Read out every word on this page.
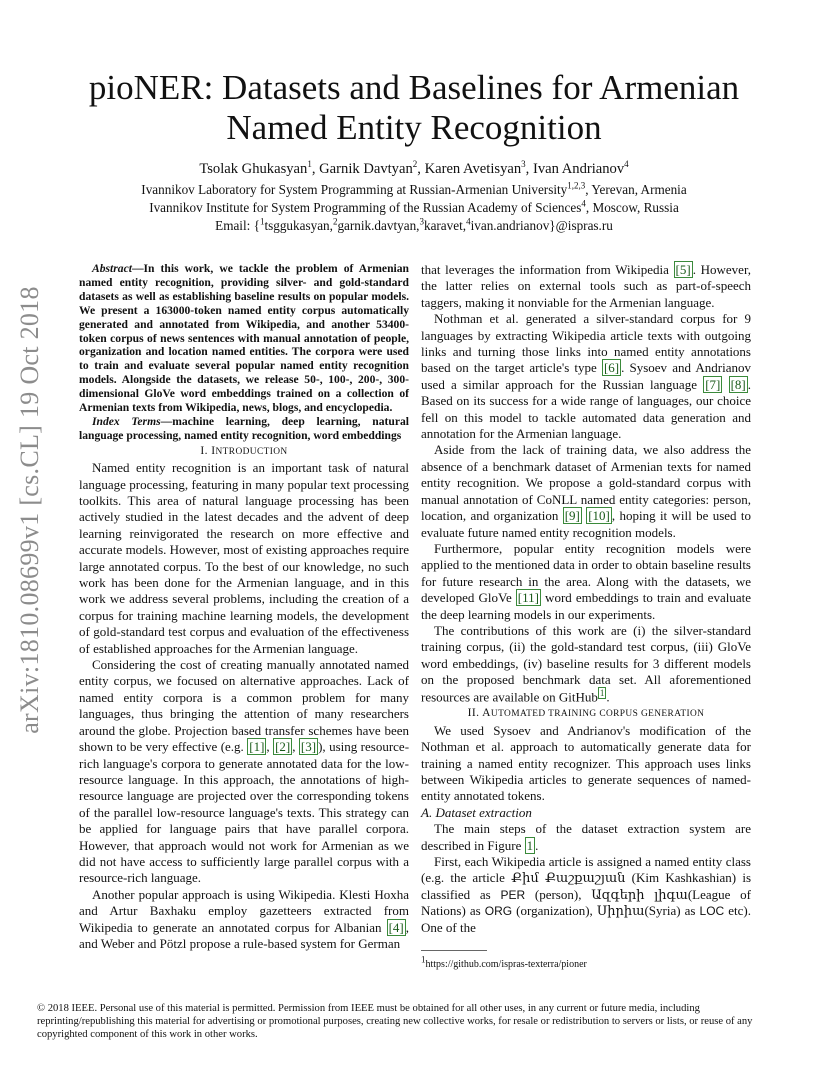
arXiv:1810.08699v1 [cs.CL] 19 Oct 2018
pioNER: Datasets and Baselines for Armenian
Named Entity Recognition
Tsolak Ghukasyan$^1$, Garnik Davtyan$^2$, Karen Avetisyan$^3$, Ivan Andrianov$^4$
Ivannikov Laboratory for System Programming at Russian-Armenian University$^{1,2,3}$, Yerevan, Armenia
Ivannikov Institute for System Programming of the Russian Academy of Sciences$^4$, Moscow, Russia
Email: {$^1$tsggukasyan,$^2$garnik.davtyan,$^3$karavet,$^4$ivan.andrianov}@ispras.ru

Abstract—In this work, we tackle the problem of Armenian named entity recognition, providing silver- and gold-standard datasets as well as establishing baseline results on popular models. We present a 163000-token named entity corpus automatically generated and annotated from Wikipedia, and another 53400-token corpus of news sentences with manual annotation of people, organization and location named entities. The corpora were used to train and evaluate several popular named entity recognition models. Alongside the datasets, we release 50-, 100-, 200-, 300-dimensional GloVe word embeddings trained on a collection of Armenian texts from Wikipedia, news, blogs, and encyclopedia.

Index Terms—machine learning, deep learning, natural language processing, named entity recognition, word embeddings

I. INTRODUCTION

Named entity recognition is an important task of natural language processing, featuring in many popular text processing toolkits. This area of natural language processing has been actively studied in the latest decades and the advent of deep learning reinvigorated the research on more effective and accurate models. However, most of existing approaches require large annotated corpus. To the best of our knowledge, no such work has been done for the Armenian language, and in this work we address several problems, including the creation of a corpus for training machine learning models, the development of gold-standard test corpus and evaluation of the effectiveness of established approaches for the Armenian language.

Considering the cost of creating manually annotated named entity corpus, we focused on alternative approaches. Lack of named entity corpora is a common problem for many languages, thus bringing the attention of many researchers around the globe. Projection based transfer schemes have been shown to be very effective (e.g. [1] , [2] , [3] ), using resource-rich language's corpora to generate annotated data for the low-resource language. In this approach, the annotations of high-resource language are projected over the corresponding tokens of the parallel low-resource language's texts. This strategy can be applied for language pairs that have parallel corpora. However, that approach would not work for Armenian as we did not have access to sufficiently large parallel corpus with a resource-rich language.

Another popular approach is using Wikipedia. Klesti Hoxha and Artur Baxhaku employ gazetteers extracted from Wikipedia to generate an annotated corpus for Albanian [4] , and Weber and Pötzl propose a rule-based system for German

that leverages the information from Wikipedia [5] . However, the latter relies on external tools such as part-of-speech taggers, making it nonviable for the Armenian language.

Nothman et al. generated a silver-standard corpus for 9 languages by extracting Wikipedia article texts with outgoing links and turning those links into named entity annotations based on the target article's type [6] . Sysoev and Andrianov used a similar approach for the Russian language [7] [8] . Based on its success for a wide range of languages, our choice fell on this model to tackle automated data generation and annotation for the Armenian language.

Aside from the lack of training data, we also address the absence of a benchmark dataset of Armenian texts for named entity recognition. We propose a gold-standard corpus with manual annotation of CoNLL named entity categories: person, location, and organization [9] [10] , hoping it will be used to evaluate future named entity recognition models.

Furthermore, popular entity recognition models were applied to the mentioned data in order to obtain baseline results for future research in the area. Along with the datasets, we developed GloVe [11] word embeddings to train and evaluate the deep learning models in our experiments.

The contributions of this work are (i) the silver-standard training corpus, (ii) the gold-standard test corpus, (iii) GloVe word embeddings, (iv) baseline results for 3 different models on the proposed benchmark data set. All aforementioned resources are available on GitHub $^1$ .

II. AUTOMATED TRAINING CORPUS GENERATION

We used Sysoev and Andrianov's modification of the Nothman et al. approach to automatically generate data for training a named entity recognizer. This approach uses links between Wikipedia articles to generate sequences of named-entity annotated tokens.

A. Dataset extraction

The main steps of the dataset extraction system are described in Figure 1 .

First, each Wikipedia article is assigned a named entity class (e.g. the article Քիմ Քաշքաշյան (Kim Kashkashian) is classified as PER (person), Ազգերի լիգա(League of Nations) as ORG (organization), Սիրիա(Syria) as LOC etc). One of the

$^1$https://github.com/ispras-texterra/pioner
© 2018 IEEE. Personal use of this material is permitted. Permission from IEEE must be obtained for all other uses, in any current or future media, including reprinting/republishing this material for advertising or promotional purposes, creating new collective works, for resale or redistribution to servers or lists, or reuse of any copyrighted component of this work in other works.
